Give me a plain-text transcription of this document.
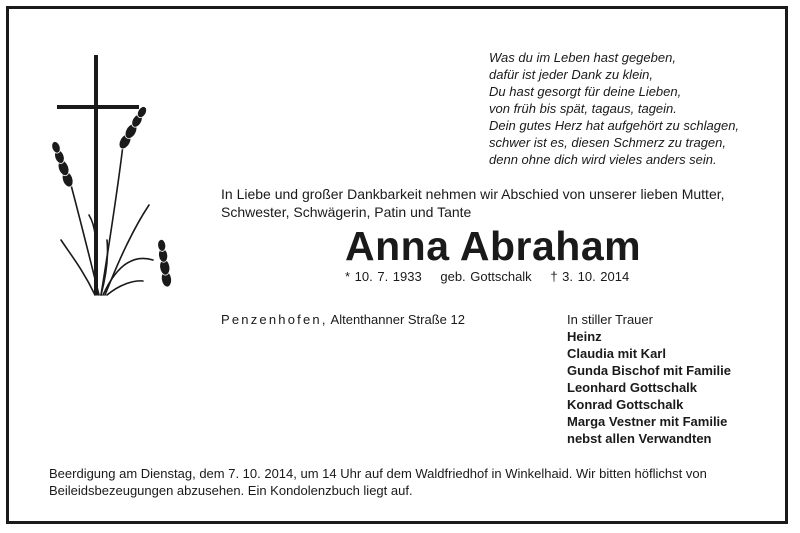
Was du im Leben hast gegeben,
dafür ist jeder Dank zu klein,
Du hast gesorgt für deine Lieben,
von früh bis spät, tagaus, tagein.
Dein gutes Herz hat aufgehört zu schlagen,
schwer ist es, diesen Schmerz zu tragen,
denn ohne dich wird vieles anders sein.
In Liebe und großer Dankbarkeit nehmen wir Abschied von unserer lieben Mutter, Schwester, Schwägerin, Patin und Tante
Anna Abraham
* 10. 7. 1933 geb. Gottschalk † 3. 10. 2014
Penzenhofen, Altenthanner Straße 12	In stiller Trauer
Heinz
Claudia mit Karl
Gunda Bischof mit Familie
Leonhard Gottschalk
Konrad Gottschalk
Marga Vestner mit Familie
nebst allen Verwandten
Beerdigung am Dienstag, dem 7. 10. 2014, um 14 Uhr auf dem Waldfriedhof in Winkelhaid. Wir bitten höflichst von Beileidsbezeugungen abzusehen. Ein Kondolenzbuch liegt auf.
